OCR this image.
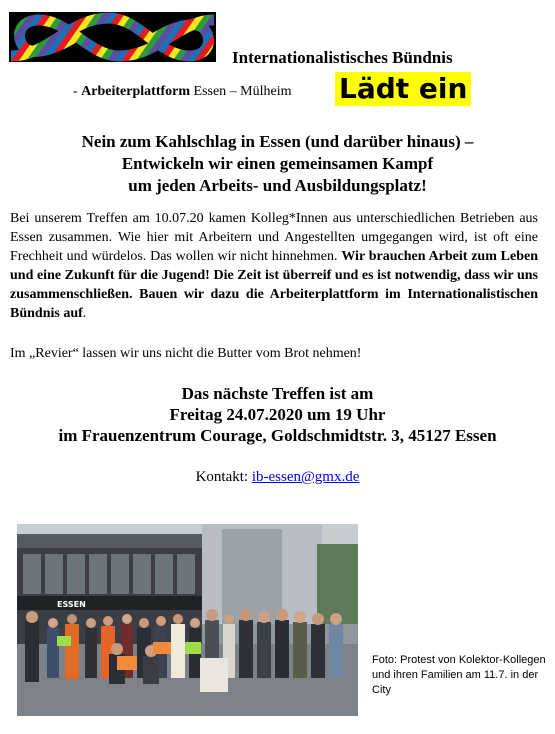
Internationalistisches Bündnis
- Arbeiterplattform Essen – Mülheim Lädt ein
Nein zum Kahlschlag in Essen (und darüber hinaus) –
Entwickeln wir einen gemeinsamen Kampf
um jeden Arbeits- und Ausbildungsplatz!

Bei unserem Treffen am 10.07.20 kamen Kolleg*Innen aus unterschiedlichen Betrieben aus Essen zusammen. Wie hier mit Arbeitern und Angestellten umgegangen wird, ist oft eine Frechheit und würdelos. Das wollen wir nicht hinnehmen. Wir brauchen Arbeit zum Leben und eine Zukunft für die Jugend! Die Zeit ist überreif und es ist notwendig, dass wir uns zusammenschließen. Bauen wir dazu die Arbeiterplattform im Internationalistischen Bündnis auf.

Im „Revier“ lassen wir uns nicht die Butter vom Brot nehmen!
Das nächste Treffen ist am
Freitag 24.07.2020 um 19 Uhr
im Frauenzentrum Courage, Goldschmidtstr. 3, 45127 Essen
Kontakt: ib-essen@gmx.de
ESSEN
Foto: Protest von Kolektor-Kollegen und ihren Familien am 11.7. in der City
